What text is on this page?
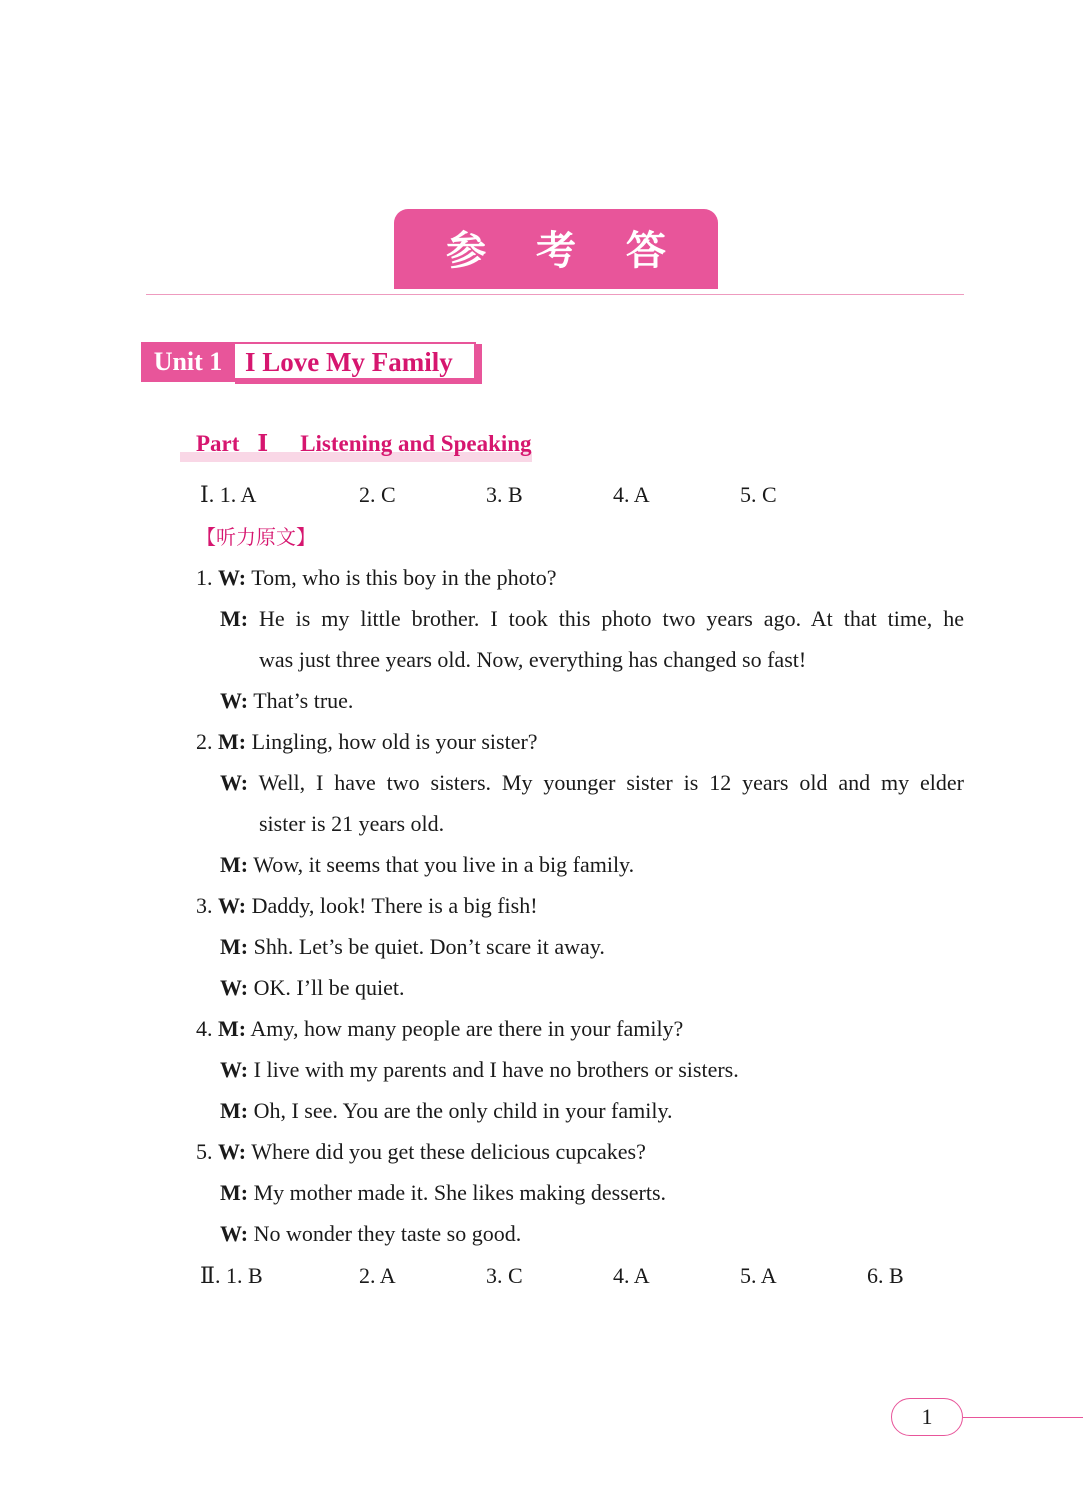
参 考 答 案
Unit 1 I Love My Family
Part Ⅰ Listening and Speaking
Ⅰ. 1. A	2. C	3. B	4. A	5. C
【听力原文】
1. W: Tom, who is this boy in the photo?
M: He is my little brother. I took this photo two years ago. At that time, he
was just three years old. Now, everything has changed so fast!
W: That’s true.
2. M: Lingling, how old is your sister?
W: Well, I have two sisters. My younger sister is 12 years old and my elder
sister is 21 years old.
M: Wow, it seems that you live in a big family.
3. W: Daddy, look! There is a big fish!
M: Shh. Let’s be quiet. Don’t scare it away.
W: OK. I’ll be quiet.
4. M: Amy, how many people are there in your family?
W: I live with my parents and I have no brothers or sisters.
M: Oh, I see. You are the only child in your family.
5. W: Where did you get these delicious cupcakes?
M: My mother made it. She likes making desserts.
W: No wonder they taste so good.
Ⅱ. 1. B	2. A	3. C	4. A	5. A	6. B
1
